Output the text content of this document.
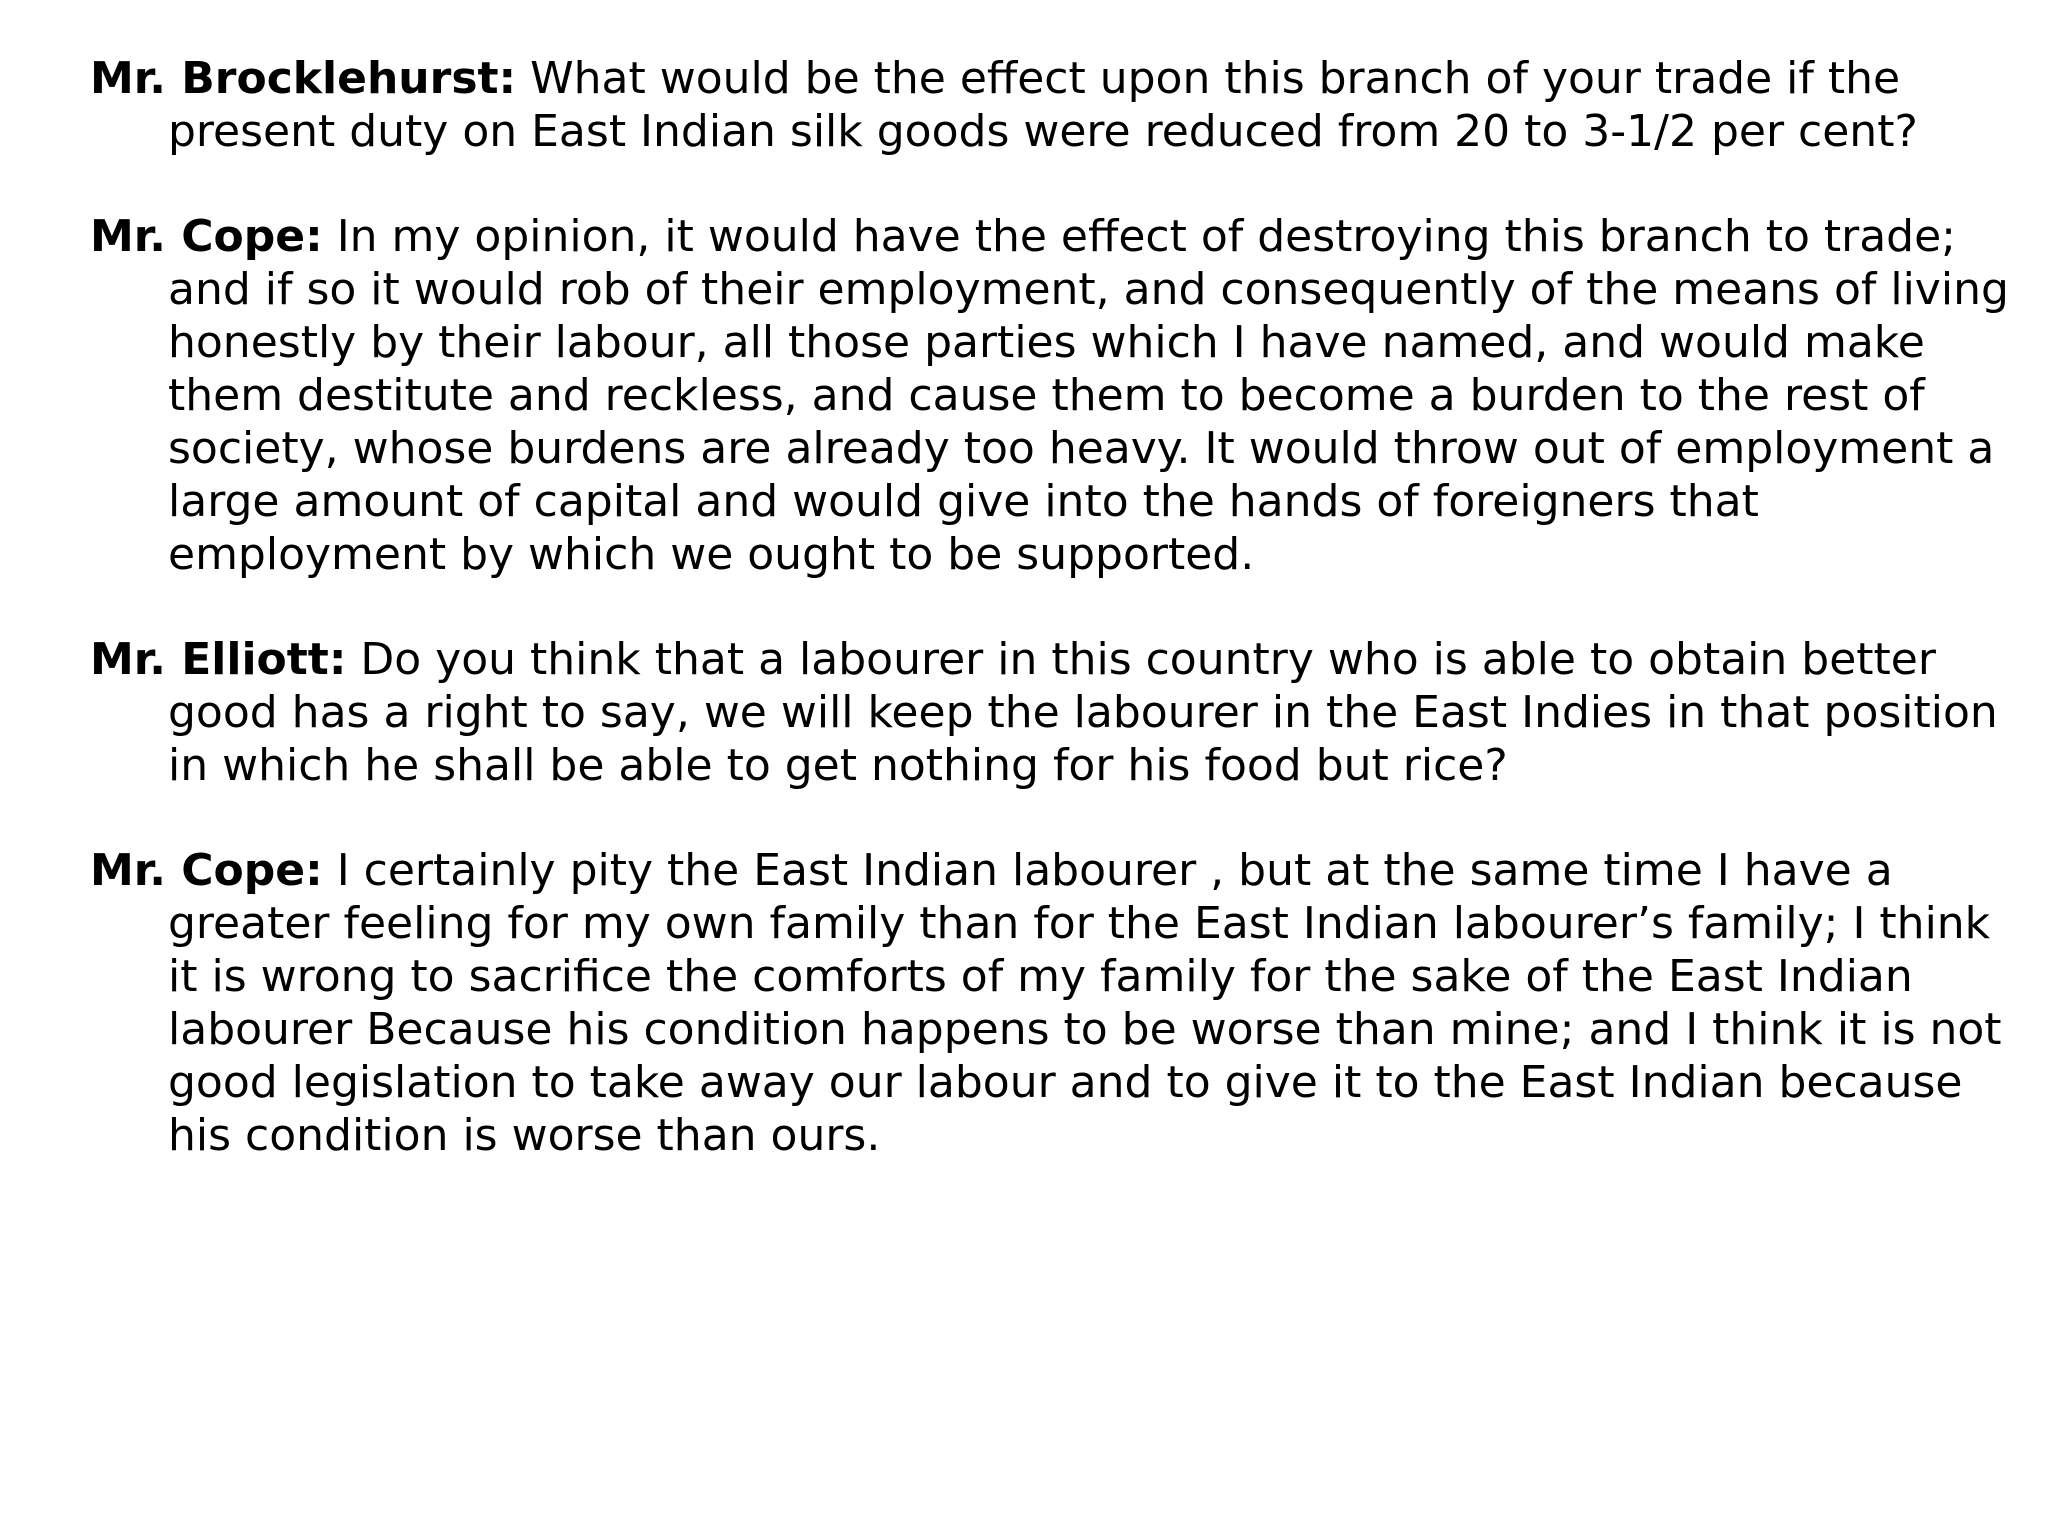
Mr. Brocklehurst: What would be the effect upon this branch of your trade if the present duty on East Indian silk goods were reduced from 20 to 3-1/2 per cent?

Mr. Cope: In my opinion, it would have the effect of destroying this branch to trade; and if so it would rob of their employment, and consequently of the means of living honestly by their labour, all those parties which I have named, and would make them destitute and reckless, and cause them to become a burden to the rest of society, whose burdens are already too heavy. It would throw out of employment a large amount of capital and would give into the hands of foreigners that employment by which we ought to be supported.

Mr. Elliott: Do you think that a labourer in this country who is able to obtain better good has a right to say, we will keep the labourer in the East Indies in that position in which he shall be able to get nothing for his food but rice?

Mr. Cope: I certainly pity the East Indian labourer , but at the same time I have a greater feeling for my own family than for the East Indian labourer’s family; I think it is wrong to sacrifice the comforts of my family for the sake of the East Indian labourer Because his condition happens to be worse than mine; and I think it is not good legislation to take away our labour and to give it to the East Indian because his condition is worse than ours.
